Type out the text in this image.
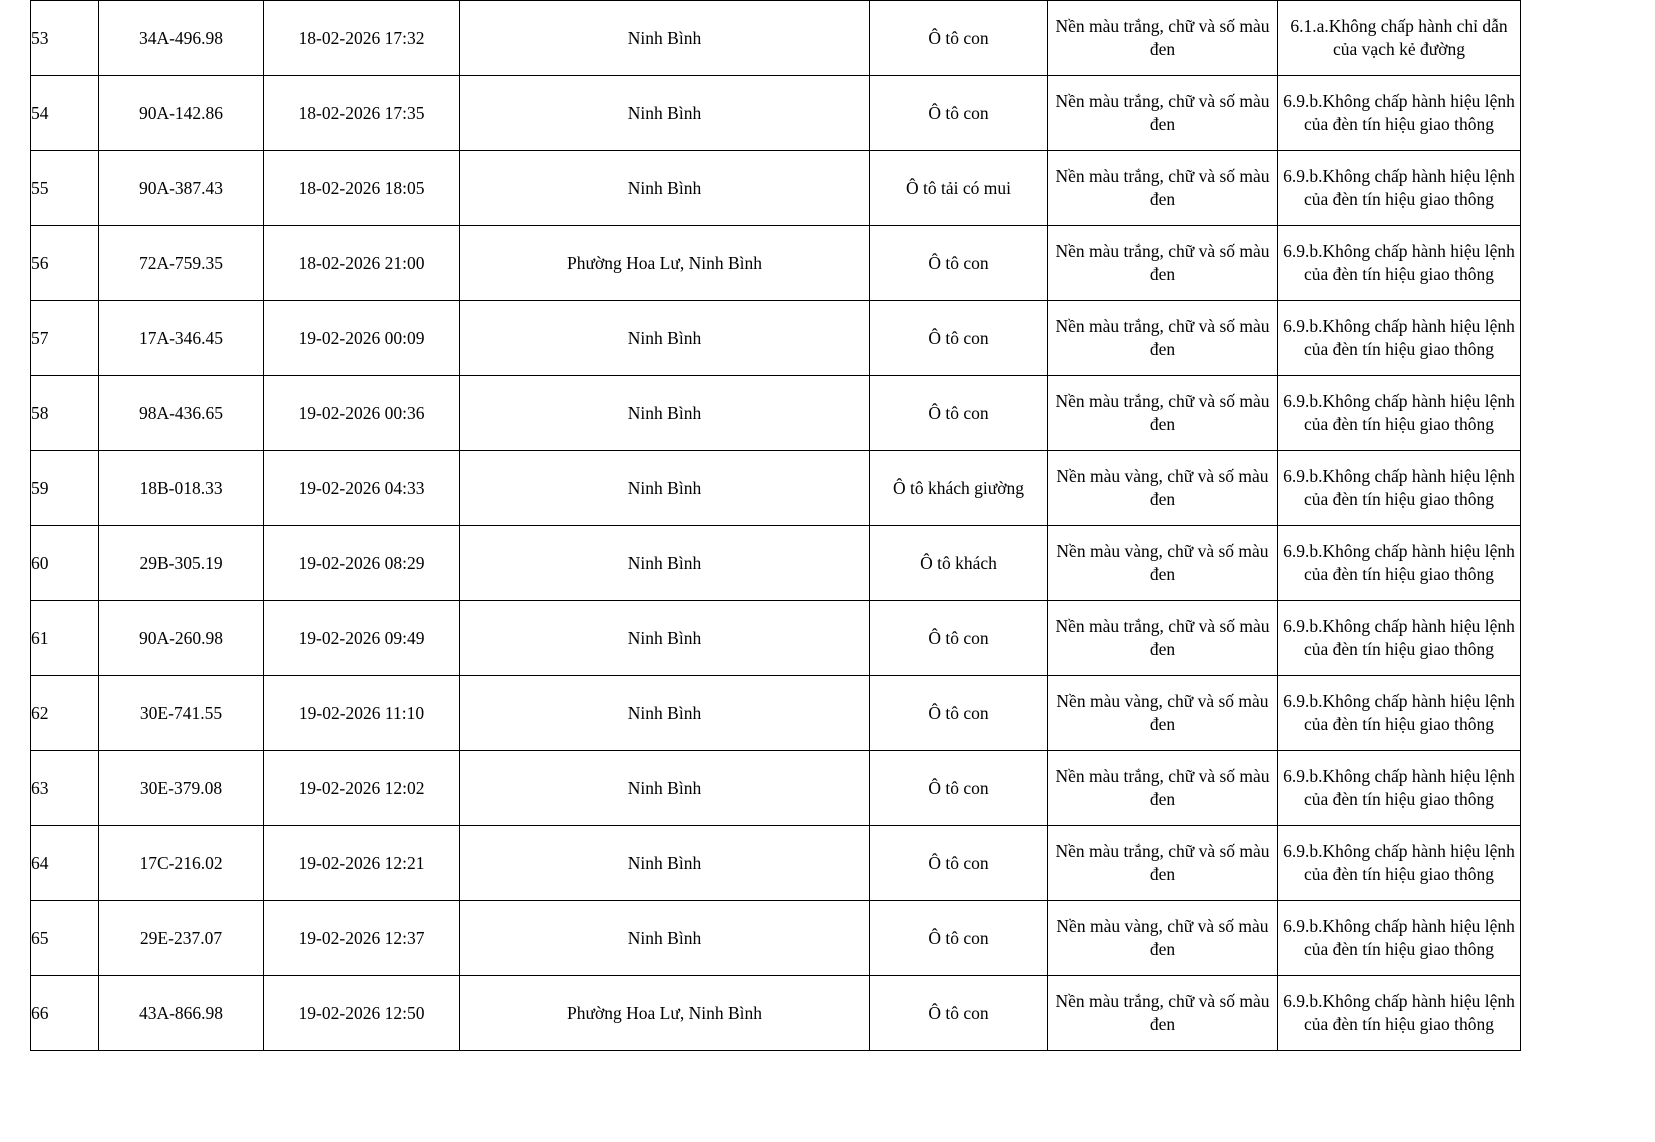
53	34A-496.98	18-02-2026 17:32	Ninh Bình	Ô tô con	Nền màu trắng, chữ và số màu đen	6.1.a.Không chấp hành chỉ dẫn của vạch kẻ đường
54	90A-142.86	18-02-2026 17:35	Ninh Bình	Ô tô con	Nền màu trắng, chữ và số màu đen	6.9.b.Không chấp hành hiệu lệnh của đèn tín hiệu giao thông
55	90A-387.43	18-02-2026 18:05	Ninh Bình	Ô tô tải có mui	Nền màu trắng, chữ và số màu đen	6.9.b.Không chấp hành hiệu lệnh của đèn tín hiệu giao thông
56	72A-759.35	18-02-2026 21:00	Phường Hoa Lư, Ninh Bình	Ô tô con	Nền màu trắng, chữ và số màu đen	6.9.b.Không chấp hành hiệu lệnh của đèn tín hiệu giao thông
57	17A-346.45	19-02-2026 00:09	Ninh Bình	Ô tô con	Nền màu trắng, chữ và số màu đen	6.9.b.Không chấp hành hiệu lệnh của đèn tín hiệu giao thông
58	98A-436.65	19-02-2026 00:36	Ninh Bình	Ô tô con	Nền màu trắng, chữ và số màu đen	6.9.b.Không chấp hành hiệu lệnh của đèn tín hiệu giao thông
59	18B-018.33	19-02-2026 04:33	Ninh Bình	Ô tô khách giường	Nền màu vàng, chữ và số màu đen	6.9.b.Không chấp hành hiệu lệnh của đèn tín hiệu giao thông
60	29B-305.19	19-02-2026 08:29	Ninh Bình	Ô tô khách	Nền màu vàng, chữ và số màu đen	6.9.b.Không chấp hành hiệu lệnh của đèn tín hiệu giao thông
61	90A-260.98	19-02-2026 09:49	Ninh Bình	Ô tô con	Nền màu trắng, chữ và số màu đen	6.9.b.Không chấp hành hiệu lệnh của đèn tín hiệu giao thông
62	30E-741.55	19-02-2026 11:10	Ninh Bình	Ô tô con	Nền màu vàng, chữ và số màu đen	6.9.b.Không chấp hành hiệu lệnh của đèn tín hiệu giao thông
63	30E-379.08	19-02-2026 12:02	Ninh Bình	Ô tô con	Nền màu trắng, chữ và số màu đen	6.9.b.Không chấp hành hiệu lệnh của đèn tín hiệu giao thông
64	17C-216.02	19-02-2026 12:21	Ninh Bình	Ô tô con	Nền màu trắng, chữ và số màu đen	6.9.b.Không chấp hành hiệu lệnh của đèn tín hiệu giao thông
65	29E-237.07	19-02-2026 12:37	Ninh Bình	Ô tô con	Nền màu vàng, chữ và số màu đen	6.9.b.Không chấp hành hiệu lệnh của đèn tín hiệu giao thông
66	43A-866.98	19-02-2026 12:50	Phường Hoa Lư, Ninh Bình	Ô tô con	Nền màu trắng, chữ và số màu đen	6.9.b.Không chấp hành hiệu lệnh của đèn tín hiệu giao thông
